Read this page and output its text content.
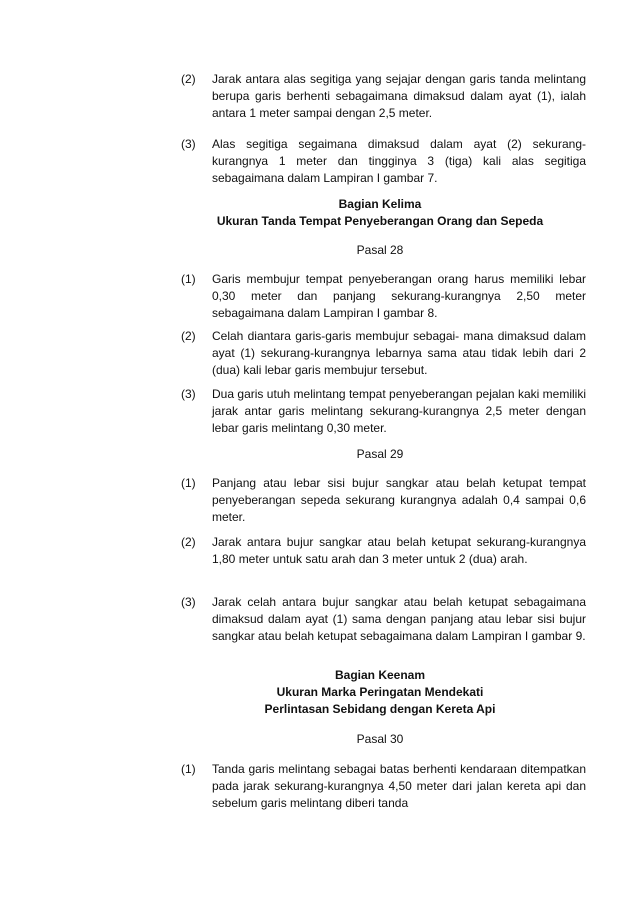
(2) Jarak antara alas segitiga yang sejajar dengan garis tanda melintang berupa garis berhenti sebagaimana dimaksud dalam ayat (1), ialah antara 1 meter sampai dengan 2,5 meter.
(3) Alas segitiga segaimana dimaksud dalam ayat (2) sekurang-kurangnya 1 meter dan tingginya 3 (tiga) kali alas segitiga sebagaimana dalam Lampiran I gambar 7.
Bagian Kelima
Ukuran Tanda Tempat Penyeberangan Orang dan Sepeda
Pasal 28
(1) Garis membujur tempat penyeberangan orang harus memiliki lebar 0,30 meter dan panjang sekurang-kurangnya 2,50 meter sebagaimana dalam Lampiran I gambar 8.
(2) Celah diantara garis-garis membujur sebagai- mana dimaksud dalam ayat (1) sekurang-kurangnya lebarnya sama atau tidak lebih dari 2 (dua) kali lebar garis membujur tersebut.
(3) Dua garis utuh melintang tempat penyeberangan pejalan kaki memiliki jarak antar garis melintang sekurang-kurangnya 2,5 meter dengan lebar garis melintang 0,30 meter.
Pasal 29
(1) Panjang atau lebar sisi bujur sangkar atau belah ketupat tempat penyeberangan sepeda sekurang kurangnya adalah 0,4 sampai 0,6 meter.
(2) Jarak antara bujur sangkar atau belah ketupat sekurang-kurangnya 1,80 meter untuk satu arah dan 3 meter untuk 2 (dua) arah.
(3) Jarak celah antara bujur sangkar atau belah ketupat sebagaimana dimaksud dalam ayat (1) sama dengan panjang atau lebar sisi bujur sangkar atau belah ketupat sebagaimana dalam Lampiran I gambar 9.
Bagian Keenam
Ukuran Marka Peringatan Mendekati
Perlintasan Sebidang dengan Kereta Api
Pasal 30
(1) Tanda garis melintang sebagai batas berhenti kendaraan ditempatkan pada jarak sekurang-kurangnya 4,50 meter dari jalan kereta api dan sebelum garis melintang diberi tanda
